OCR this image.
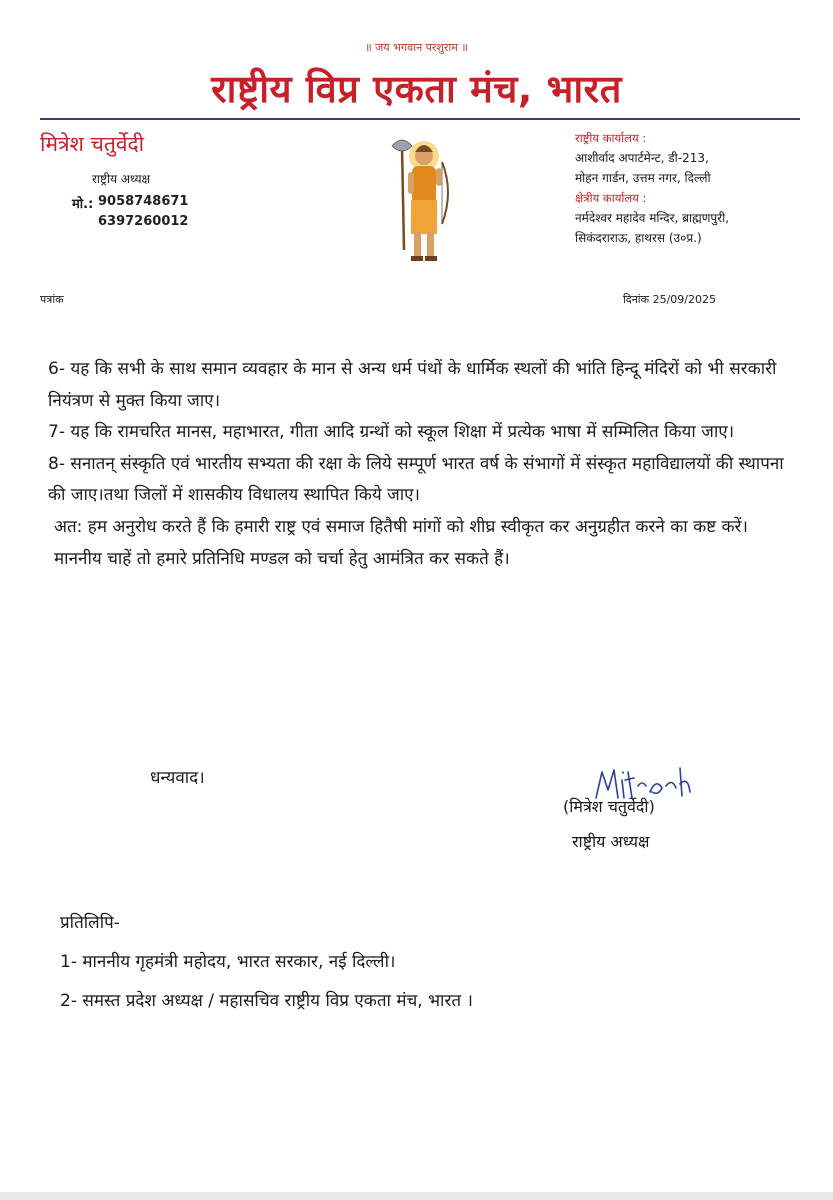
॥ जय भगवान परशुराम ॥
राष्ट्रीय विप्र एकता मंच, भारत
मित्रेश चतुर्वेदी
राष्ट्रीय अध्यक्ष
मो.: 9058748671
6397260012
राष्ट्रीय कार्यालय :
आशीर्वाद अपार्टमेन्ट, डी-213,
मोहन गार्डन, उत्तम नगर, दिल्ली
क्षेत्रीय कार्यालय :
नर्मदेश्वर महादेव मन्दिर, ब्राह्मणपुरी,
सिकंदराराऊ, हाथरस (उ०प्र.)
पत्रांक	दिनांक 25/09/2025

6- यह कि सभी के साथ समान व्यवहार के मान से अन्य धर्म पंथों के धार्मिक स्थलों की भांति हिन्दू मंदिरों को भी सरकारी नियंत्रण से मुक्त किया जाए।

7- यह कि रामचरित मानस, महाभारत, गीता आदि ग्रन्थों को स्कूल शिक्षा में प्रत्येक भाषा में सम्मिलित किया जाए।

8- सनातन् संस्कृति एवं भारतीय सभ्यता की रक्षा के लिये सम्पूर्ण भारत वर्ष के संभागों में संस्कृत महाविद्यालयों की स्थापना की जाए।तथा जिलों में शासकीय विधालय स्थापित किये जाए।

अत: हम अनुरोध करते हैं कि हमारी राष्ट्र एवं समाज हितैषी मांगों को शीघ्र स्वीकृत कर अनुग्रहीत करने का कष्ट करें। माननीय चाहें तो हमारे प्रतिनिधि मण्डल को चर्चा हेतु आमंत्रित कर सकते हैं।

धन्यवाद।
(मित्रेश चतुर्वेदी)
राष्ट्रीय अध्यक्ष

प्रतिलिपि-

1- माननीय गृहमंत्री महोदय, भारत सरकार, नई दिल्ली।

2- समस्त प्रदेश अध्यक्ष / महासचिव राष्ट्रीय विप्र एकता मंच, भारत ।
